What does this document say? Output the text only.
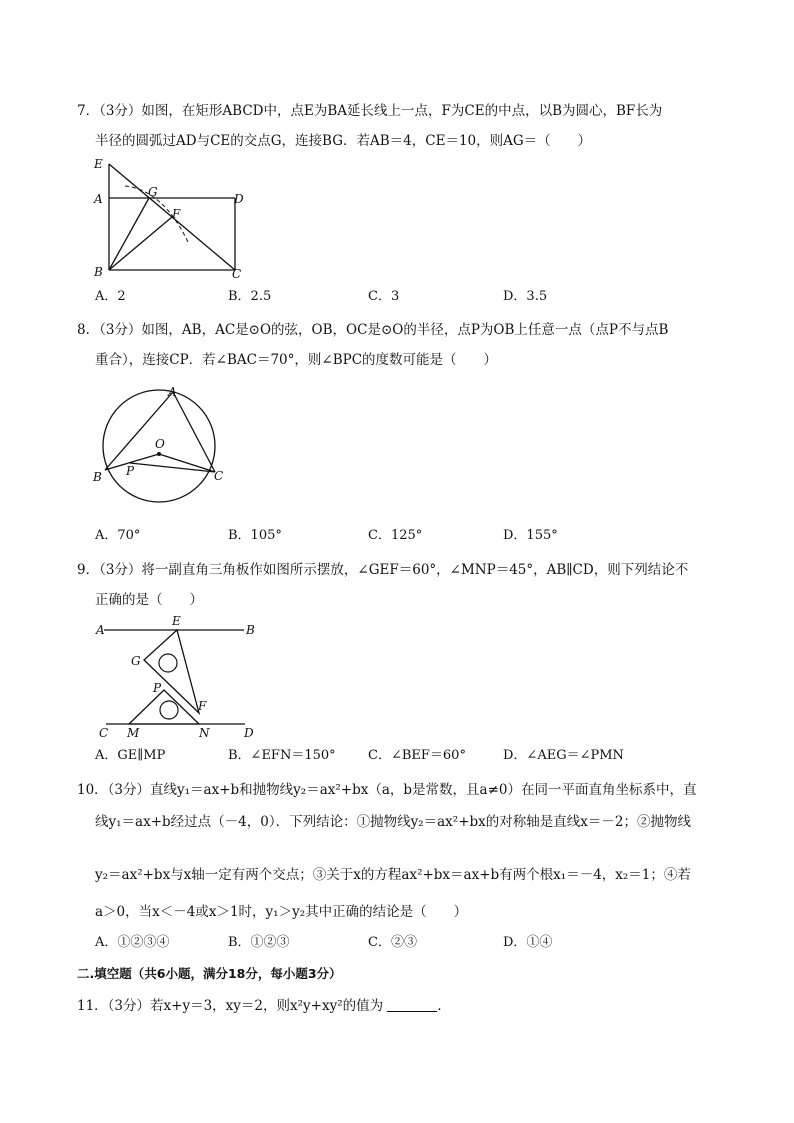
7．（3分）如图，在矩形ABCD中，点E为BA延长线上一点，F为CE的中点，以B为圆心，BF长为
半径的圆弧过AD与CE的交点G，连接BG．若AB＝4，CE＝10，则AG＝（　　）
E
A	G	D
F
B	C
A．2	B．2.5	C．3	D．3.5
8．（3分）如图，AB，AC是⊙O的弦，OB，OC是⊙O的半径，点P为OB上任意一点（点P不与点B
重合），连接CP．若∠BAC＝70°，则∠BPC的度数可能是（　　）
A
O
B P	C
A．70°	B．105°	C．125°	D．155°
9．（3分）将一副直角三角板作如图所示摆放，∠GEF＝60°，∠MNP＝45°，AB∥CD，则下列结论不
正确的是（　　）
A
E
B
G
P
F
C M	N	D
A．GE∥MP	B．∠EFN＝150° C．∠BEF＝60°	D．∠AEG＝∠PMN
10．（3分）直线y₁＝ax+b和抛物线y₂＝ax²+bx（a，b是常数，且a≠0）在同一平面直角坐标系中，直
线y₁＝ax+b经过点（－4，0）．下列结论：①抛物线y₂＝ax²+bx的对称轴是直线x＝－2；②抛物线
y₂＝ax²+bx与x轴一定有两个交点；③关于x的方程ax²+bx＝ax+b有两个根x₁＝－4，x₂＝1；④若
a＞0，当x＜－4或x＞1时，y₁＞y₂其中正确的结论是（　　）
A．①②③④	B．①②③	C．②③	D．①④
二.填空题（共6小题，满分18分，每小题3分）
11．（3分）若x+y＝3，xy＝2，则x²y+xy²的值为	．
